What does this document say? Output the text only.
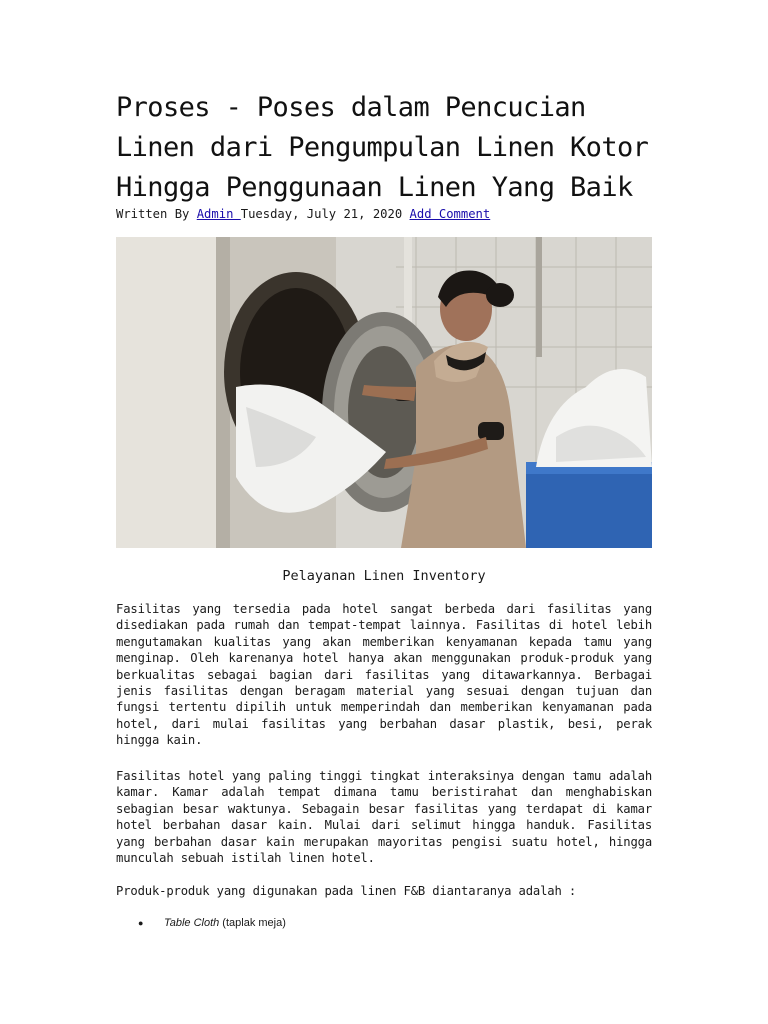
Proses - Poses dalam Pencucian Linen dari Pengumpulan Linen Kotor Hingga Penggunaan Linen Yang Baik
Written By Admin Tuesday, July 21, 2020 Add Comment
Pelayanan Linen Inventory

Fasilitas yang tersedia pada hotel sangat berbeda dari fasilitas yang disediakan pada rumah dan tempat-tempat lainnya. Fasilitas di hotel lebih mengutamakan kualitas yang akan memberikan kenyamanan kepada tamu yang menginap. Oleh karenanya hotel hanya akan menggunakan produk-produk yang berkualitas sebagai bagian dari fasilitas yang ditawarkannya. Berbagai jenis fasilitas dengan beragam material yang sesuai dengan tujuan dan fungsi tertentu dipilih untuk memperindah dan memberikan kenyamanan pada hotel, dari mulai fasilitas yang berbahan dasar plastik, besi, perak hingga kain.

Fasilitas hotel yang paling tinggi tingkat interaksinya dengan tamu adalah kamar. Kamar adalah tempat dimana tamu beristirahat dan menghabiskan sebagian besar waktunya. Sebagain besar fasilitas yang terdapat di kamar hotel berbahan dasar kain. Mulai dari selimut hingga handuk. Fasilitas yang berbahan dasar kain merupakan mayoritas pengisi suatu hotel, hingga munculah sebuah istilah linen hotel.

Produk-produk yang digunakan pada linen F&B diantaranya adalah :

● Table Cloth (taplak meja)
